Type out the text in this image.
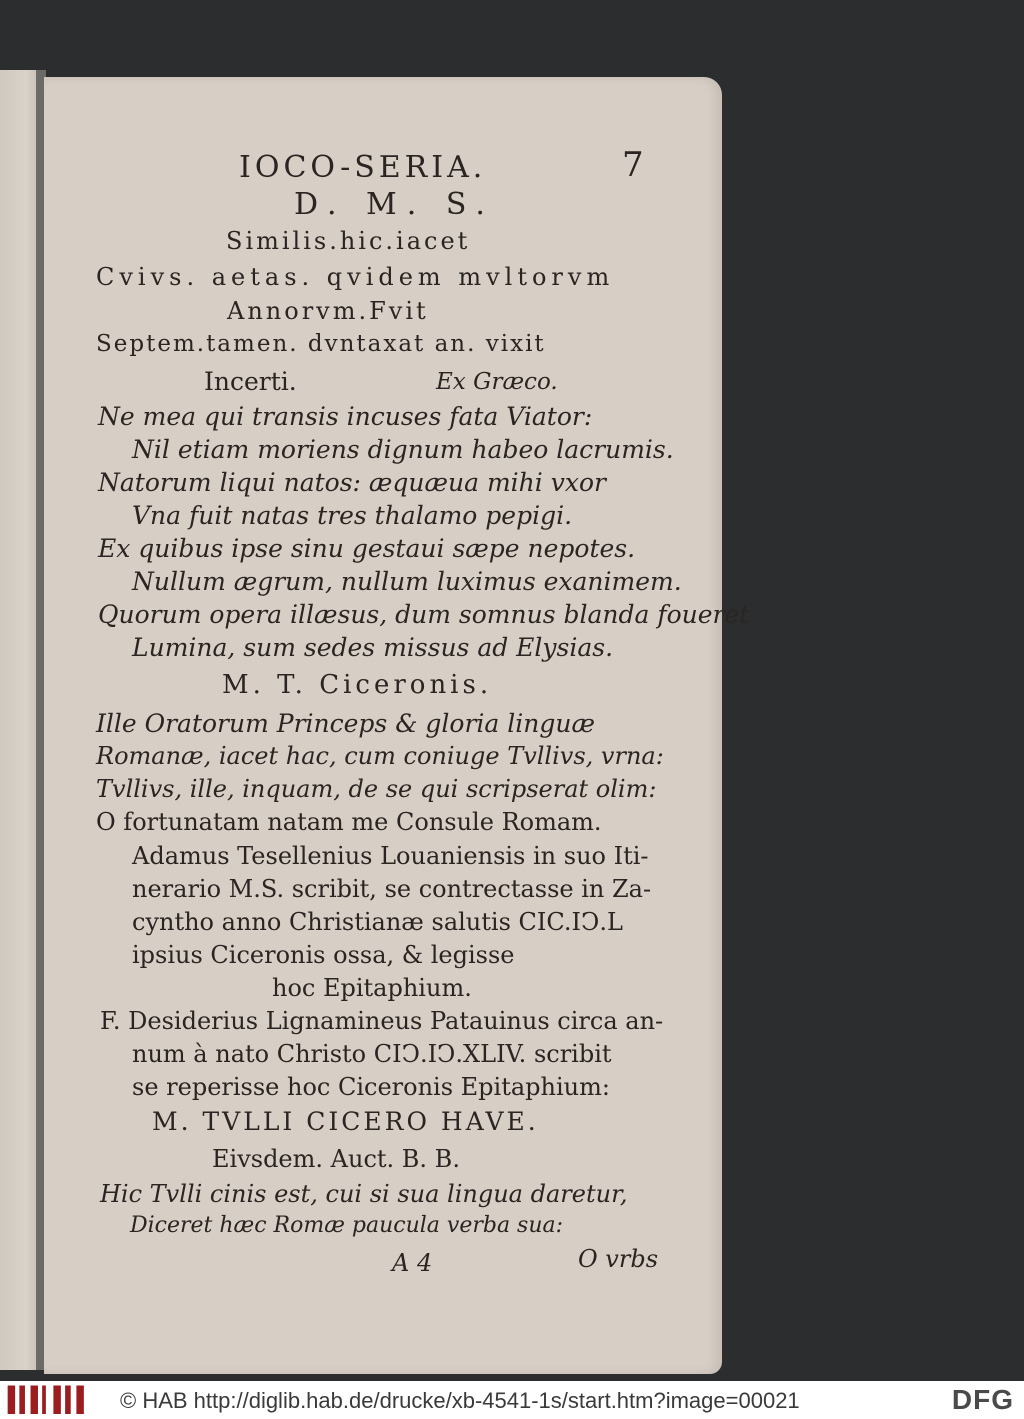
IOCO-SERIA.	7
D. M. S.
Similis.hic.iacet
Cvivs. aetas. qvidem mvltorvm
Annorvm.Fvit
Septem.tamen. dvntaxat an. vixit
Incerti.	Ex Græco.
Ne mea qui transis incuses fata Viator:
Nil etiam moriens dignum habeo lacrumis.
Natorum liqui natos: æquæua mihi vxor
Vna fuit natas tres thalamo pepigi.
Ex quibus ipse sinu gestaui sæpe nepotes.
Nullum ægrum, nullum luximus exanimem.
Quorum opera illæsus, dum somnus blanda foueret
Lumina, sum sedes missus ad Elysias.
M. T. Ciceronis.
Ille Oratorum Princeps & gloria linguæ
Romanæ, iacet hac, cum coniuge Tvllivs, vrna:
Tvllivs, ille, inquam, de se qui scripserat olim:
O fortunatam natam me Consule Romam.
Adamus Tesellenius Louaniensis in suo Iti-
nerario M.S. scribit, se contrectasse in Za-
cyntho anno Christianæ salutis CIC.IↃ.L
ipsius Ciceronis ossa, & legisse
hoc Epitaphium.
F. Desiderius Lignamineus Patauinus circa an-
num à nato Christo CIↃ.IↃ.XLIV. scribit
se reperisse hoc Ciceronis Epitaphium:
M. TVLLI CICERO HAVE.
Eivsdem. Auct. B. B.
Hic Tvlli cinis est, cui si sua lingua daretur,
Diceret hæc Romæ paucula verba sua:
A 4	O vrbs
▌▍▌▎▌▍▌ © HAB http://diglib.hab.de/drucke/xb-4541-1s/start.htm?image=00021	DFG
